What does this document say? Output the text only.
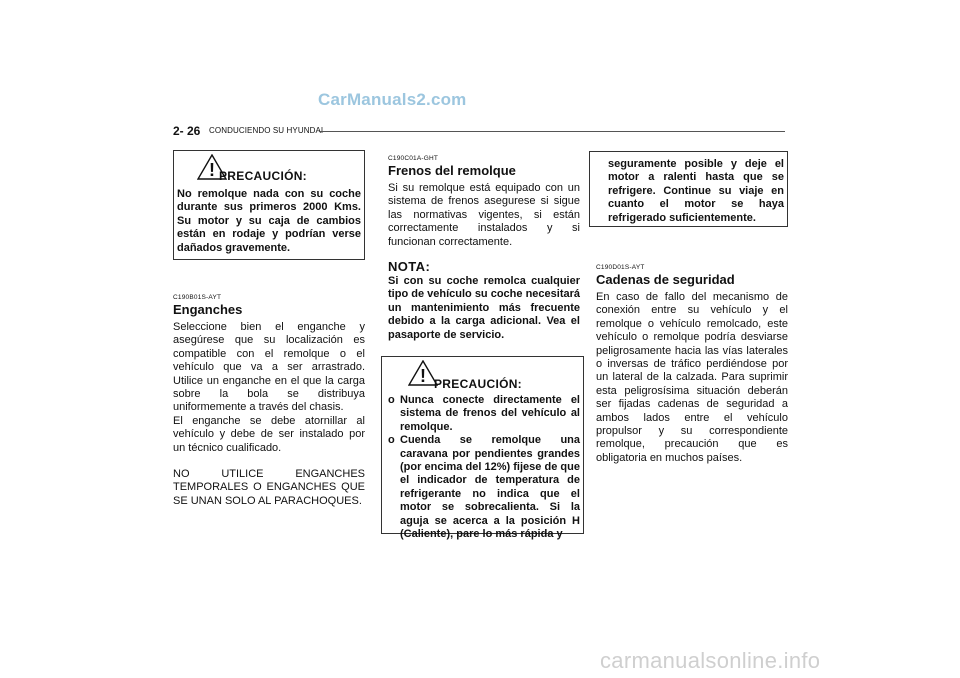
CarManuals2.com
2- 26 CONDUCIENDO SU HYUNDAI
! PRECAUCIÓN:

No remolque nada con su coche durante sus primeros 2000 Kms. Su motor y su caja de cambios están en rodaje y podrían verse dañados gravemente.

C190B01S-AYT
Enganches

Seleccione bien el enganche y asegúrese que su localización es compatible con el remolque o el vehículo que va a ser arrastrado. Utilice un enganche en el que la carga sobre la bola se distribuya uniformemente a través del chasis.

El enganche se debe atornillar al vehículo y debe de ser instalado por un técnico cualificado.

NO UTILICE ENGANCHES TEMPORALES O ENGANCHES QUE SE UNAN SOLO AL PARACHOQUES.

C190C01A-GHT
Frenos del remolque

Si su remolque está equipado con un sistema de frenos asegurese si sigue las normativas vigentes, si están correctamente instalados y si funcionan correctamente.

NOTA:

Si con su coche remolca cualquier tipo de vehículo su coche necesitará un mantenimiento más frecuente debido a la carga adicional. Vea el pasaporte de servicio.

! PRECAUCIÓN:
o Nunca conecte directamente el sistema de frenos del vehículo al remolque.
o Cuenda se remolque una caravana por pendientes grandes (por encima del 12%) fijese de que el indicador de temperatura de refrigerante no indica que el motor se sobrecalienta. Si la aguja se acerca a la posición H (Caliente), pare lo más rápida y

seguramente posible y deje el motor a ralenti hasta que se refrigere. Continue su viaje en cuanto el motor se haya refrigerado suficientemente.

C190D01S-AYT
Cadenas de seguridad

En caso de fallo del mecanismo de conexión entre su vehículo y el remolque o vehículo remolcado, este vehículo o remolque podría desviarse peligrosamente hacia las vías laterales o inversas de tráfico perdiéndose por un lateral de la calzada. Para suprimir esta peligrosísima situación deberán ser fijadas cadenas de seguridad a ambos lados entre el vehículo propulsor y su correspondiente remolque, precaución que es obligatoria en muchos países.

carmanualsonline.info
